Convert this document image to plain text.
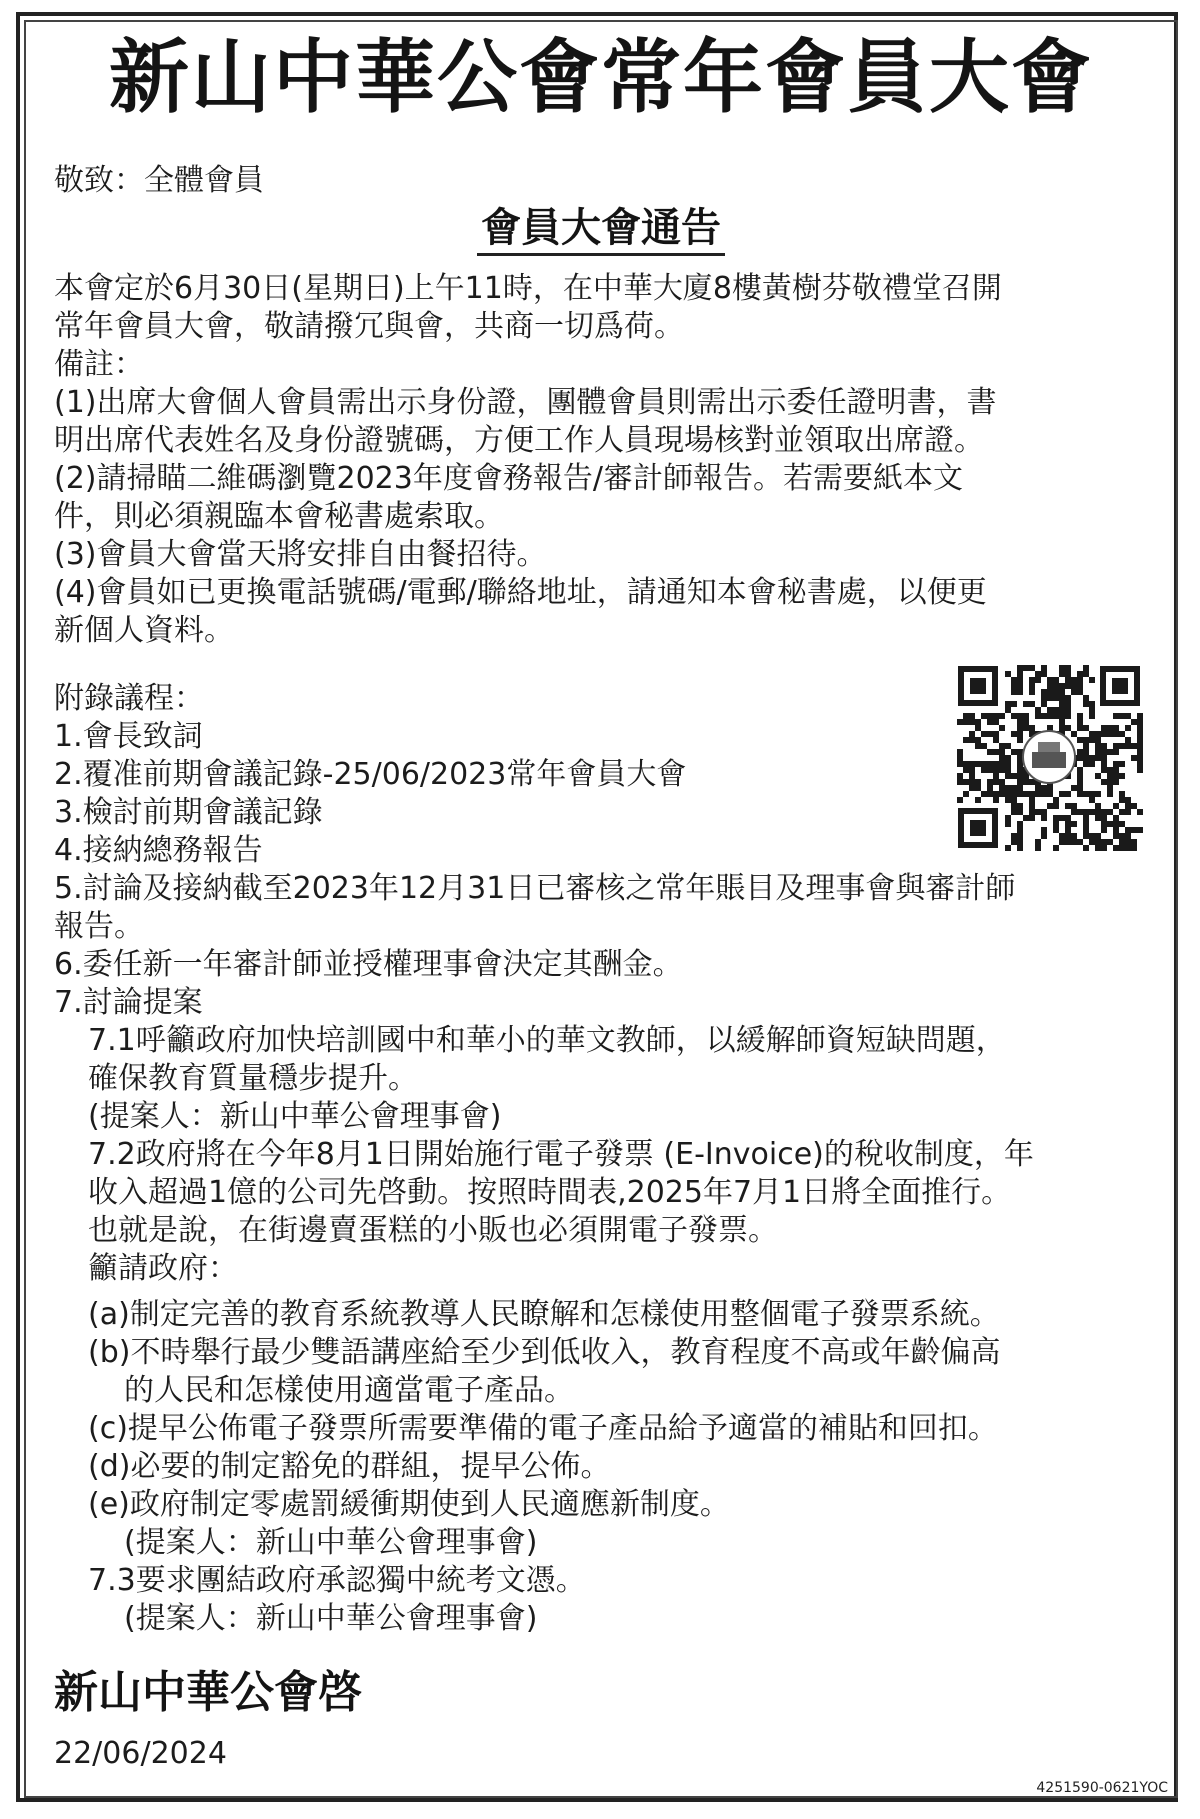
新山中華公會常年會員大會
敬致：全體會員
會員大會通告
本會定於6月30日(星期日)上午11時，在中華大廈8樓黃樹芬敬禮堂召開
常年會員大會，敬請撥冗與會，共商一切爲荷。
備註：
(1)出席大會個人會員需出示身份證，團體會員則需出示委任證明書，書
明出席代表姓名及身份證號碼，方便工作人員現場核對並領取出席證。
(2)請掃瞄二維碼瀏覽2023年度會務報告/審計師報告。若需要紙本文
件，則必須親臨本會秘書處索取。
(3)會員大會當天將安排自由餐招待。
(4)會員如已更換電話號碼/電郵/聯絡地址，請通知本會秘書處，以便更
新個人資料。
附錄議程：
1.會長致詞
2.覆准前期會議記錄-25/06/2023常年會員大會
3.檢討前期會議記錄
4.接納總務報告
5.討論及接納截至2023年12月31日已審核之常年賬目及理事會與審計師
報告。
6.委任新一年審計師並授權理事會決定其酬金。
7.討論提案
7.1呼籲政府加快培訓國中和華小的華文教師，以緩解師資短缺問題，
確保教育質量穩步提升。
(提案人：新山中華公會理事會)
7.2政府將在今年8月1日開始施行電子發票 (E-Invoice)的稅收制度，年
收入超過1億的公司先啓動。按照時間表,2025年7月1日將全面推行。
也就是說，在街邊賣蛋糕的小販也必須開電子發票。
籲請政府：
(a)制定完善的教育系統教導人民瞭解和怎樣使用整個電子發票系統。
(b)不時舉行最少雙語講座給至少到低收入，教育程度不高或年齡偏高
的人民和怎樣使用適當電子產品。
(c)提早公佈電子發票所需要準備的電子產品給予適當的補貼和回扣。
(d)必要的制定豁免的群組，提早公佈。
(e)政府制定零處罰緩衝期使到人民適應新制度。
(提案人：新山中華公會理事會)
7.3要求團結政府承認獨中統考文憑。
(提案人：新山中華公會理事會)
新山中華公會啓
22/06/2024
4251590-0621YOC
